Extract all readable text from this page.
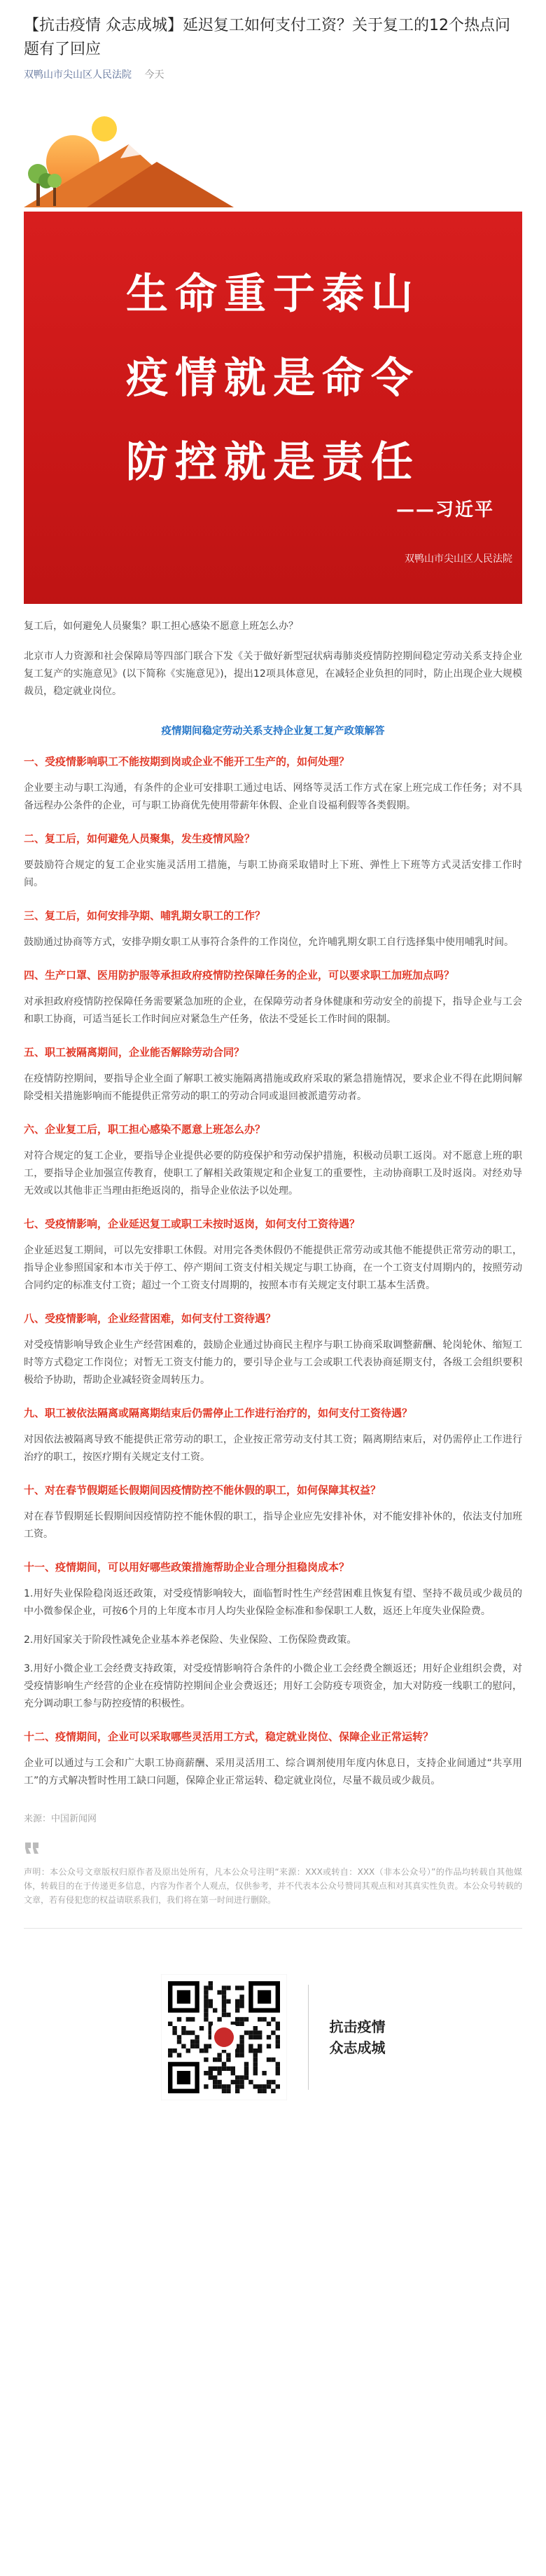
【抗击疫情 众志成城】延迟复工如何支付工资？关于复工的12个热点问题有了回应
双鸭山市尖山区人民法院 今天
生命重于泰山
疫情就是命令
防控就是责任
——习近平
双鸭山市尖山区人民法院

复工后，如何避免人员聚集？职工担心感染不愿意上班怎么办？

北京市人力资源和社会保障局等四部门联合下发《关于做好新型冠状病毒肺炎疫情防控期间稳定劳动关系支持企业复工复产的实施意见》(以下简称《实施意见》)，提出12项具体意见，在减轻企业负担的同时，防止出现企业大规模裁员，稳定就业岗位。

疫情期间稳定劳动关系支持企业复工复产政策解答
一、受疫情影响职工不能按期到岗或企业不能开工生产的，如何处理？

企业要主动与职工沟通，有条件的企业可安排职工通过电话、网络等灵活工作方式在家上班完成工作任务；对不具备远程办公条件的企业，可与职工协商优先使用带薪年休假、企业自设福利假等各类假期。

二、复工后，如何避免人员聚集，发生疫情风险？

要鼓励符合规定的复工企业实施灵活用工措施，与职工协商采取错时上下班、弹性上下班等方式灵活安排工作时间。

三、复工后，如何安排孕期、哺乳期女职工的工作？

鼓励通过协商等方式，安排孕期女职工从事符合条件的工作岗位，允许哺乳期女职工自行选择集中使用哺乳时间。

四、生产口罩、医用防护服等承担政府疫情防控保障任务的企业，可以要求职工加班加点吗？

对承担政府疫情防控保障任务需要紧急加班的企业，在保障劳动者身体健康和劳动安全的前提下，指导企业与工会和职工协商，可适当延长工作时间应对紧急生产任务，依法不受延长工作时间的限制。

五、职工被隔离期间，企业能否解除劳动合同？

在疫情防控期间，要指导企业全面了解职工被实施隔离措施或政府采取的紧急措施情况，要求企业不得在此期间解除受相关措施影响而不能提供正常劳动的职工的劳动合同或退回被派遣劳动者。

六、企业复工后，职工担心感染不愿意上班怎么办？

对符合规定的复工企业，要指导企业提供必要的防疫保护和劳动保护措施，积极动员职工返岗。对不愿意上班的职工，要指导企业加强宣传教育，使职工了解相关政策规定和企业复工的重要性，主动协商职工及时返岗。对经劝导无效或以其他非正当理由拒绝返岗的，指导企业依法予以处理。

七、受疫情影响，企业延迟复工或职工未按时返岗，如何支付工资待遇？

企业延迟复工期间，可以先安排职工休假。对用完各类休假仍不能提供正常劳动或其他不能提供正常劳动的职工，指导企业参照国家和本市关于停工、停产期间工资支付相关规定与职工协商，在一个工资支付周期内的，按照劳动合同约定的标准支付工资；超过一个工资支付周期的，按照本市有关规定支付职工基本生活费。

八、受疫情影响，企业经营困难，如何支付工资待遇？

对受疫情影响导致企业生产经营困难的，鼓励企业通过协商民主程序与职工协商采取调整薪酬、轮岗轮休、缩短工时等方式稳定工作岗位；对暂无工资支付能力的，要引导企业与工会或职工代表协商延期支付，各级工会组织要积极给予协助，帮助企业减轻资金周转压力。

九、职工被依法隔离或隔离期结束后仍需停止工作进行治疗的，如何支付工资待遇？

对因依法被隔离导致不能提供正常劳动的职工，企业按正常劳动支付其工资；隔离期结束后，对仍需停止工作进行治疗的职工，按医疗期有关规定支付工资。

十、对在春节假期延长假期间因疫情防控不能休假的职工，如何保障其权益？

对在春节假期延长假期间因疫情防控不能休假的职工，指导企业应先安排补休，对不能安排补休的，依法支付加班工资。

十一、疫情期间，可以用好哪些政策措施帮助企业合理分担稳岗成本？

1.用好失业保险稳岗返还政策，对受疫情影响较大，面临暂时性生产经营困难且恢复有望、坚持不裁员或少裁员的中小微参保企业，可按6个月的上年度本市月人均失业保险金标准和参保职工人数，返还上年度失业保险费。

2.用好国家关于阶段性减免企业基本养老保险、失业保险、工伤保险费政策。

3.用好小微企业工会经费支持政策，对受疫情影响符合条件的小微企业工会经费全额返还；用好企业组织会费，对受疫情影响生产经营的企业在疫情防控期间企业会费返还；用好工会防疫专项资金，加大对防疫一线职工的慰问，充分调动职工参与防控疫情的积极性。

十二、疫情期间，企业可以采取哪些灵活用工方式，稳定就业岗位、保障企业正常运转？

企业可以通过与工会和广大职工协商薪酬、采用灵活用工、综合调剂使用年度内休息日，支持企业间通过“共享用工”的方式解决暂时性用工缺口问题，保障企业正常运转、稳定就业岗位，尽量不裁员或少裁员。

来源：中国新闻网

声明：本公众号文章版权归原作者及原出处所有，凡本公众号注明“来源：XXX或转自：XXX（非本公众号）”的作品均转载自其他媒体，转载目的在于传递更多信息，内容为作者个人观点，仅供参考，并不代表本公众号赞同其观点和对其真实性负责。本公众号转载的文章，若有侵犯您的权益请联系我们，我们将在第一时间进行删除。

抗击疫情
众志成城
